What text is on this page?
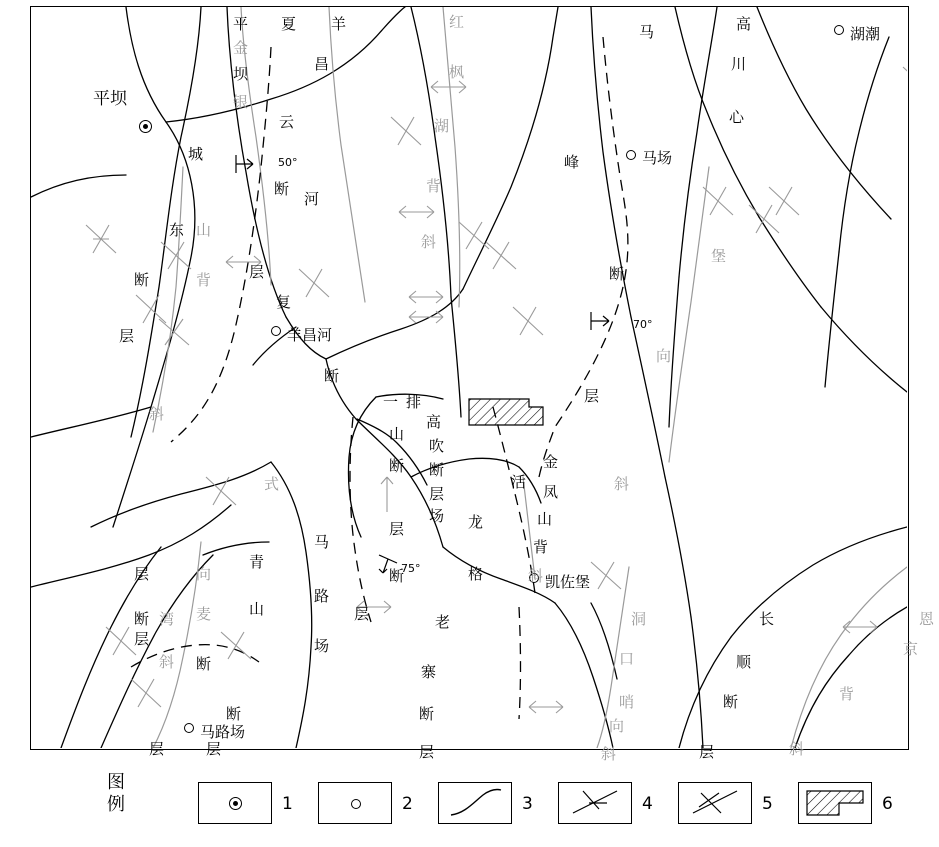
平坝
湖潮
马场
羊昌河
凯佐堡
马路场
50°
70°
75°
平
金
坝
银
城
东 山
断	背
层
斜
式
层	向
青
麦	山
湾
层
斜 断
断
断
层	层
夏
云
断
层
复
昌
河
羊
断
马
路
场
层
红
枫
湖
背
斜
一 排
高
山
吹
断 断
层
层
断
场 龙
格
老
寨
断
层
活
金
凤
山
背
斜
峰
断
层
马	高
川
心
堡
向
斜
洞
口
哨
向
斜
长
顺
断
层
恩
京
背
斜
图例	1	2	3	4	5	6
